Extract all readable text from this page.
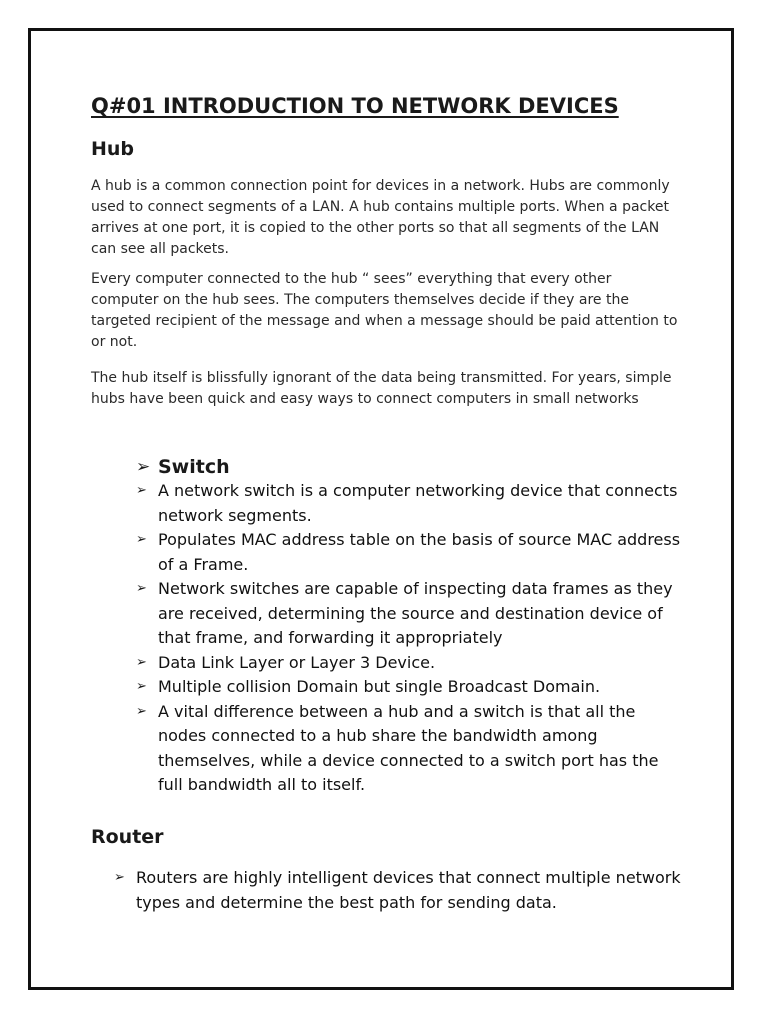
Q#01 INTRODUCTION TO NETWORK DEVICES
Hub

A hub is a common connection point for devices in a network. Hubs are commonly used to connect segments of a LAN. A hub contains multiple ports. When a packet arrives at one port, it is copied to the other ports so that all segments of the LAN can see all packets.

Every computer connected to the hub “ sees” everything that every other computer on the hub sees. The computers themselves decide if they are the targeted recipient of the message and when a message should be paid attention to or not.

The hub itself is blissfully ignorant of the data being transmitted. For years, simple hubs have been quick and easy ways to connect computers in small networks

➢ Switch
➢ A network switch is a computer networking device that connects network segments.
➢ Populates MAC address table on the basis of source MAC address of a Frame.
➢ Network switches are capable of inspecting data frames as they are received, determining the source and destination device of that frame, and forwarding it appropriately
➢ Data Link Layer or Layer 3 Device.
➢ Multiple collision Domain but single Broadcast Domain.
➢ A vital difference between a hub and a switch is that all the nodes connected to a hub share the bandwidth among themselves, while a device connected to a switch port has the full bandwidth all to itself.
Router
➢ Routers are highly intelligent devices that connect multiple network types and determine the best path for sending data.
